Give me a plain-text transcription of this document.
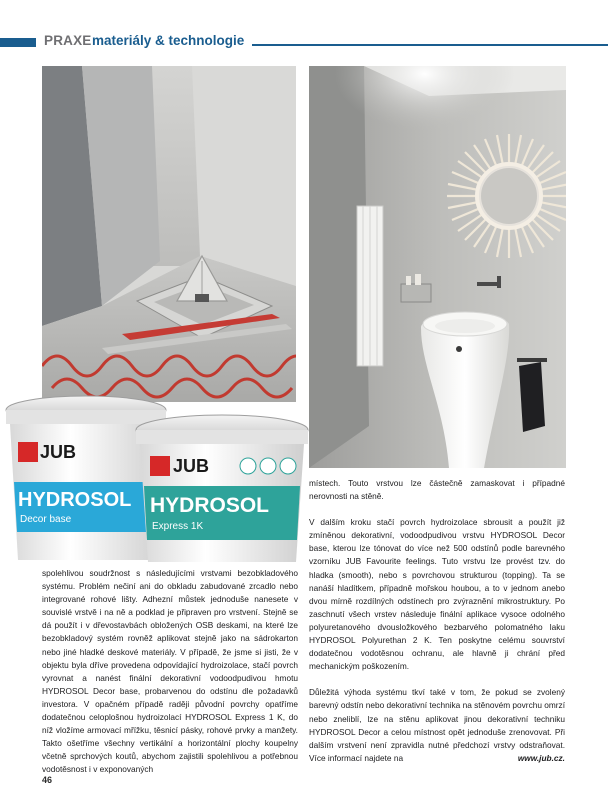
PRAXE materiály & technologie
JUB
HYDROSOL
Decor base
JUB
HYDROSOL
Express 1K

spolehlivou soudržnost s následujícími vrstvami bezobkladového systému. Problém nečiní ani do obkladu zabudované zrcadlo nebo integrované rohové lišty. Adhezní můstek jednoduše nanesete v souvislé vrstvě i na ně a podklad je připraven pro vrstvení. Stejně se dá použít i v dřevostavbách obložených OSB deskami, na které lze bezobkladový systém rovněž aplikovat stejně jako na sádrokarton nebo jiné hladké deskové materiály. V případě, že jsme si jisti, že v objektu byla dříve provedena odpovídající hydroizolace, stačí povrch vyrovnat a nanést finální dekorativní vodoodpudivou hmotu HYDROSOL Decor base, probarvenou do odstínu dle požadavků investora. V opačném případě raději původní povrchy opatříme dodatečnou celoplošnou hydroizolací HYDROSOL Express 1 K, do níž vložíme armovací mřížku, těsnicí pásky, rohové prvky a manžety. Takto ošetříme všechny vertikální a horizontální plochy koupelny včetně sprchových koutů, abychom zajistili spolehlivou a potřebnou vodotěsnost i v exponovaných

místech. Touto vrstvou lze částečně zamaskovat i případné nerovnosti na stěně.

V dalším kroku stačí povrch hydroizolace sbrousit a použít již zmíněnou dekorativní, vodoodpudivou vrstvu HYDROSOL Decor base, kterou lze tónovat do více než 500 odstínů podle barevného vzorníku JUB Favourite feelings. Tuto vrstvu lze provést tzv. do hladka (smooth), nebo s povrchovou strukturou (topping). Ta se nanáší hladítkem, případně mořskou houbou, a to v jednom anebo dvou mírně rozdílných odstínech pro zvýraznění mikrostruktury. Po zaschnutí všech vrstev následuje finální aplikace vysoce odolného polyuretanového dvousložkového bezbarvého polomatného laku HYDROSOL Polyurethan 2 K. Ten poskytne celému souvrství dodatečnou vodotěsnou ochranu, ale hlavně ji chrání před mechanickým poškozením.

Důležitá výhoda systému tkví také v tom, že pokud se zvolený barevný odstín nebo dekorativní technika na stěnovém povrchu omrzí nebo zneliblí, lze na stěnu aplikovat jinou dekorativní techniku HYDROSOL Decor a celou místnost opět jednoduše zrenovovat. Při dalším vrstvení není zpravidla nutné předchozí vrstvy odstraňovat. Více informací najdete na	www.jub.cz.

46
